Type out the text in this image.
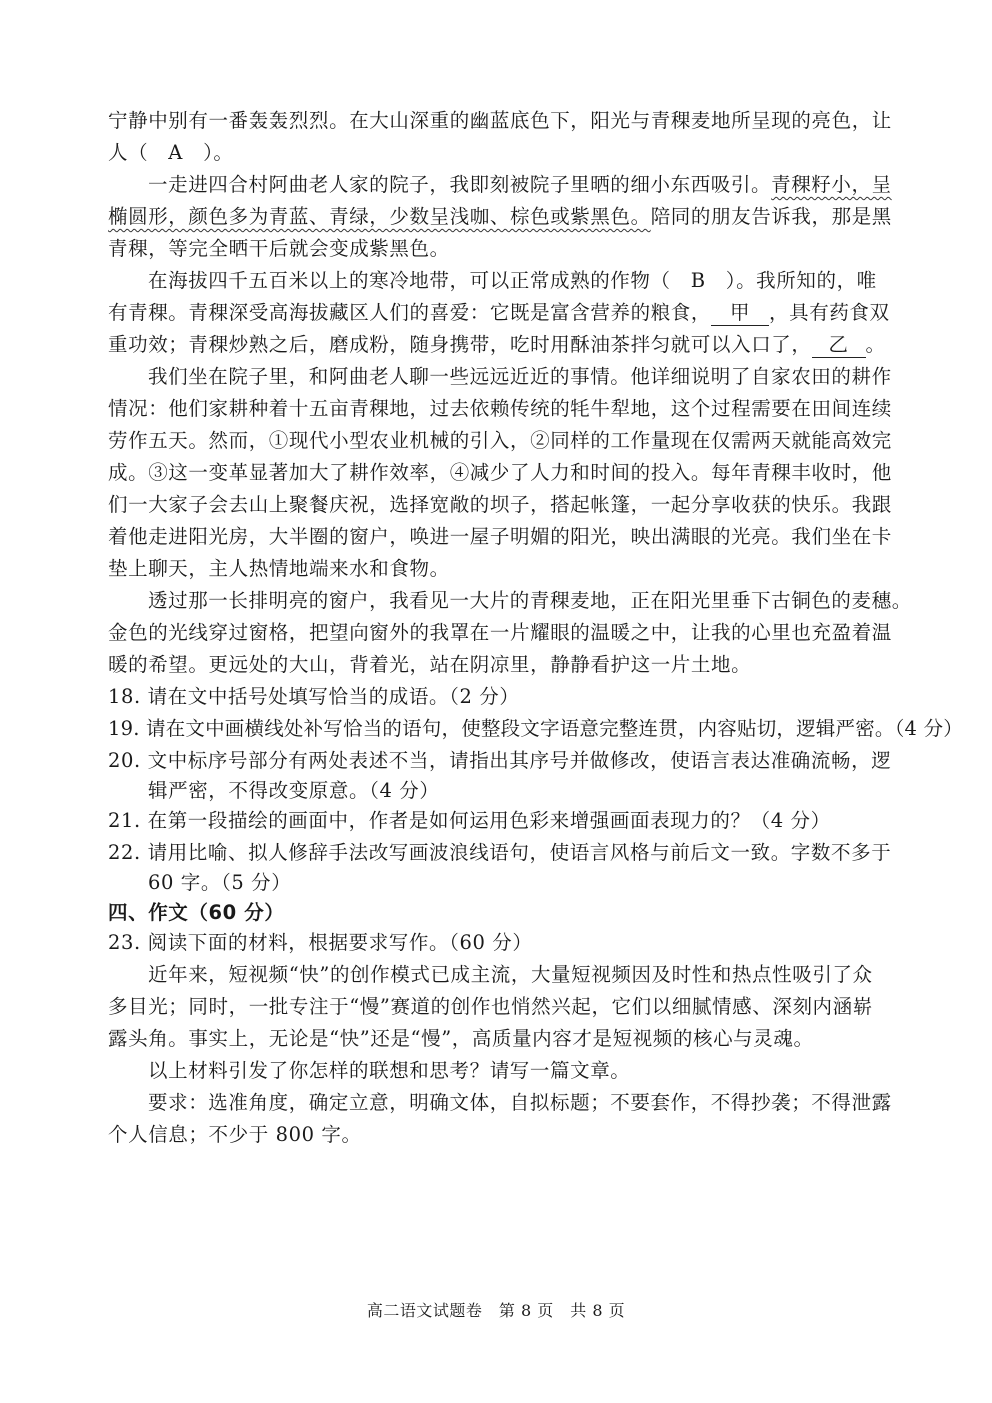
宁静中别有一番轰轰烈烈。在大山深重的幽蓝底色下，阳光与青稞麦地所呈现的亮色，让
人（　A　）。
一走进四合村阿曲老人家的院子，我即刻被院子里晒的细小东西吸引。青稞籽小，呈
椭圆形，颜色多为青蓝、青绿，少数呈浅咖、棕色或紫黑色。陪同的朋友告诉我，那是黑
青稞，等完全晒干后就会变成紫黑色。
在海拔四千五百米以上的寒冷地带，可以正常成熟的作物（　B　）。我所知的，唯
有青稞。青稞深受高海拔藏区人们的喜爱：它既是富含营养的粮食， 甲 ，具有药食双
重功效；青稞炒熟之后，磨成粉，随身携带，吃时用酥油茶拌匀就可以入口了， 乙 。
我们坐在院子里，和阿曲老人聊一些远远近近的事情。他详细说明了自家农田的耕作
情况：他们家耕种着十五亩青稞地，过去依赖传统的牦牛犁地，这个过程需要在田间连续
劳作五天。然而，①现代小型农业机械的引入，②同样的工作量现在仅需两天就能高效完
成。③这一变革显著加大了耕作效率，④减少了人力和时间的投入。每年青稞丰收时，他
们一大家子会去山上聚餐庆祝，选择宽敞的坝子，搭起帐篷，一起分享收获的快乐。我跟
着他走进阳光房，大半圈的窗户，唤进一屋子明媚的阳光，映出满眼的光亮。我们坐在卡
垫上聊天，主人热情地端来水和食物。
透过那一长排明亮的窗户，我看见一大片的青稞麦地，正在阳光里垂下古铜色的麦穗。
金色的光线穿过窗格，把望向窗外的我罩在一片耀眼的温暖之中，让我的心里也充盈着温
暖的希望。更远处的大山，背着光，站在阴凉里，静静看护这一片土地。
18. 请在文中括号处填写恰当的成语。（2 分）
19. 请在文中画横线处补写恰当的语句，使整段文字语意完整连贯，内容贴切，逻辑严密。（4 分）
20. 文中标序号部分有两处表述不当，请指出其序号并做修改，使语言表达准确流畅，逻
辑严密，不得改变原意。（4 分）
21. 在第一段描绘的画面中，作者是如何运用色彩来增强画面表现力的？（4 分）
22. 请用比喻、拟人修辞手法改写画波浪线语句，使语言风格与前后文一致。字数不多于
60 字。（5 分）
四、作文（60 分）
23. 阅读下面的材料，根据要求写作。（60 分）
近年来，短视频“快”的创作模式已成主流，大量短视频因及时性和热点性吸引了众
多目光；同时，一批专注于“慢”赛道的创作也悄然兴起，它们以细腻情感、深刻内涵崭
露头角。事实上，无论是“快”还是“慢”，高质量内容才是短视频的核心与灵魂。
以上材料引发了你怎样的联想和思考？请写一篇文章。
要求：选准角度，确定立意，明确文体，自拟标题；不要套作，不得抄袭；不得泄露
个人信息；不少于 800 字。
高二语文试题卷　第 8 页　共 8 页
